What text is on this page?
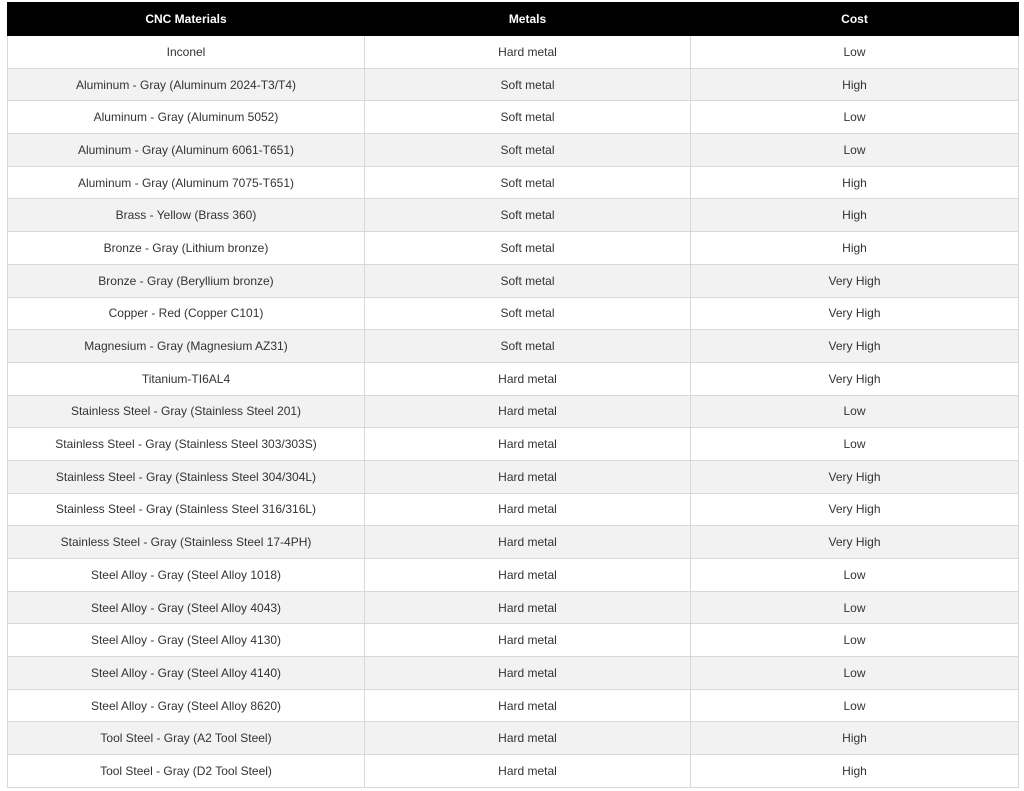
CNC Materials	Metals	Cost
Inconel	Hard metal	Low
Aluminum - Gray (Aluminum 2024-T3/T4)	Soft metal	High
Aluminum - Gray (Aluminum 5052)	Soft metal	Low
Aluminum - Gray (Aluminum 6061-T651)	Soft metal	Low
Aluminum - Gray (Aluminum 7075-T651)	Soft metal	High
Brass - Yellow (Brass 360)	Soft metal	High
Bronze - Gray (Lithium bronze)	Soft metal	High
Bronze - Gray (Beryllium bronze)	Soft metal	Very High
Copper - Red (Copper C101)	Soft metal	Very High
Magnesium - Gray (Magnesium AZ31)	Soft metal	Very High
Titanium-TI6AL4	Hard metal	Very High
Stainless Steel - Gray (Stainless Steel 201)	Hard metal	Low
Stainless Steel - Gray (Stainless Steel 303/303S)	Hard metal	Low
Stainless Steel - Gray (Stainless Steel 304/304L)	Hard metal	Very High
Stainless Steel - Gray (Stainless Steel 316/316L)	Hard metal	Very High
Stainless Steel - Gray (Stainless Steel 17-4PH)	Hard metal	Very High
Steel Alloy - Gray (Steel Alloy 1018)	Hard metal	Low
Steel Alloy - Gray (Steel Alloy 4043)	Hard metal	Low
Steel Alloy - Gray (Steel Alloy 4130)	Hard metal	Low
Steel Alloy - Gray (Steel Alloy 4140)	Hard metal	Low
Steel Alloy - Gray (Steel Alloy 8620)	Hard metal	Low
Tool Steel - Gray (A2 Tool Steel)	Hard metal	High
Tool Steel - Gray (D2 Tool Steel)	Hard metal	High
